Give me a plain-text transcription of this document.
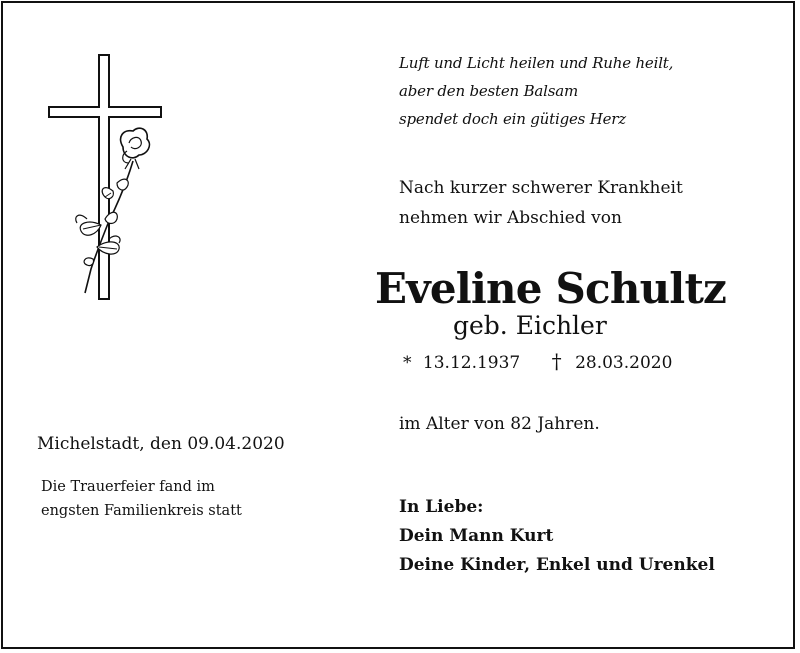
Luft und Licht heilen und Ruhe heilt,
aber den besten Balsam
spendet doch ein gütiges Herz
Nach kurzer schwerer Krankheit
nehmen wir Abschied von
Eveline Schultz
geb. Eichler
* 13.12.1937 † 28.03.2020
im Alter von 82 Jahren.
Michelstadt, den 09.04.2020
Die Trauerfeier fand im
engsten Familienkreis statt	In Liebe:
Dein Mann Kurt
Deine Kinder, Enkel und Urenkel
